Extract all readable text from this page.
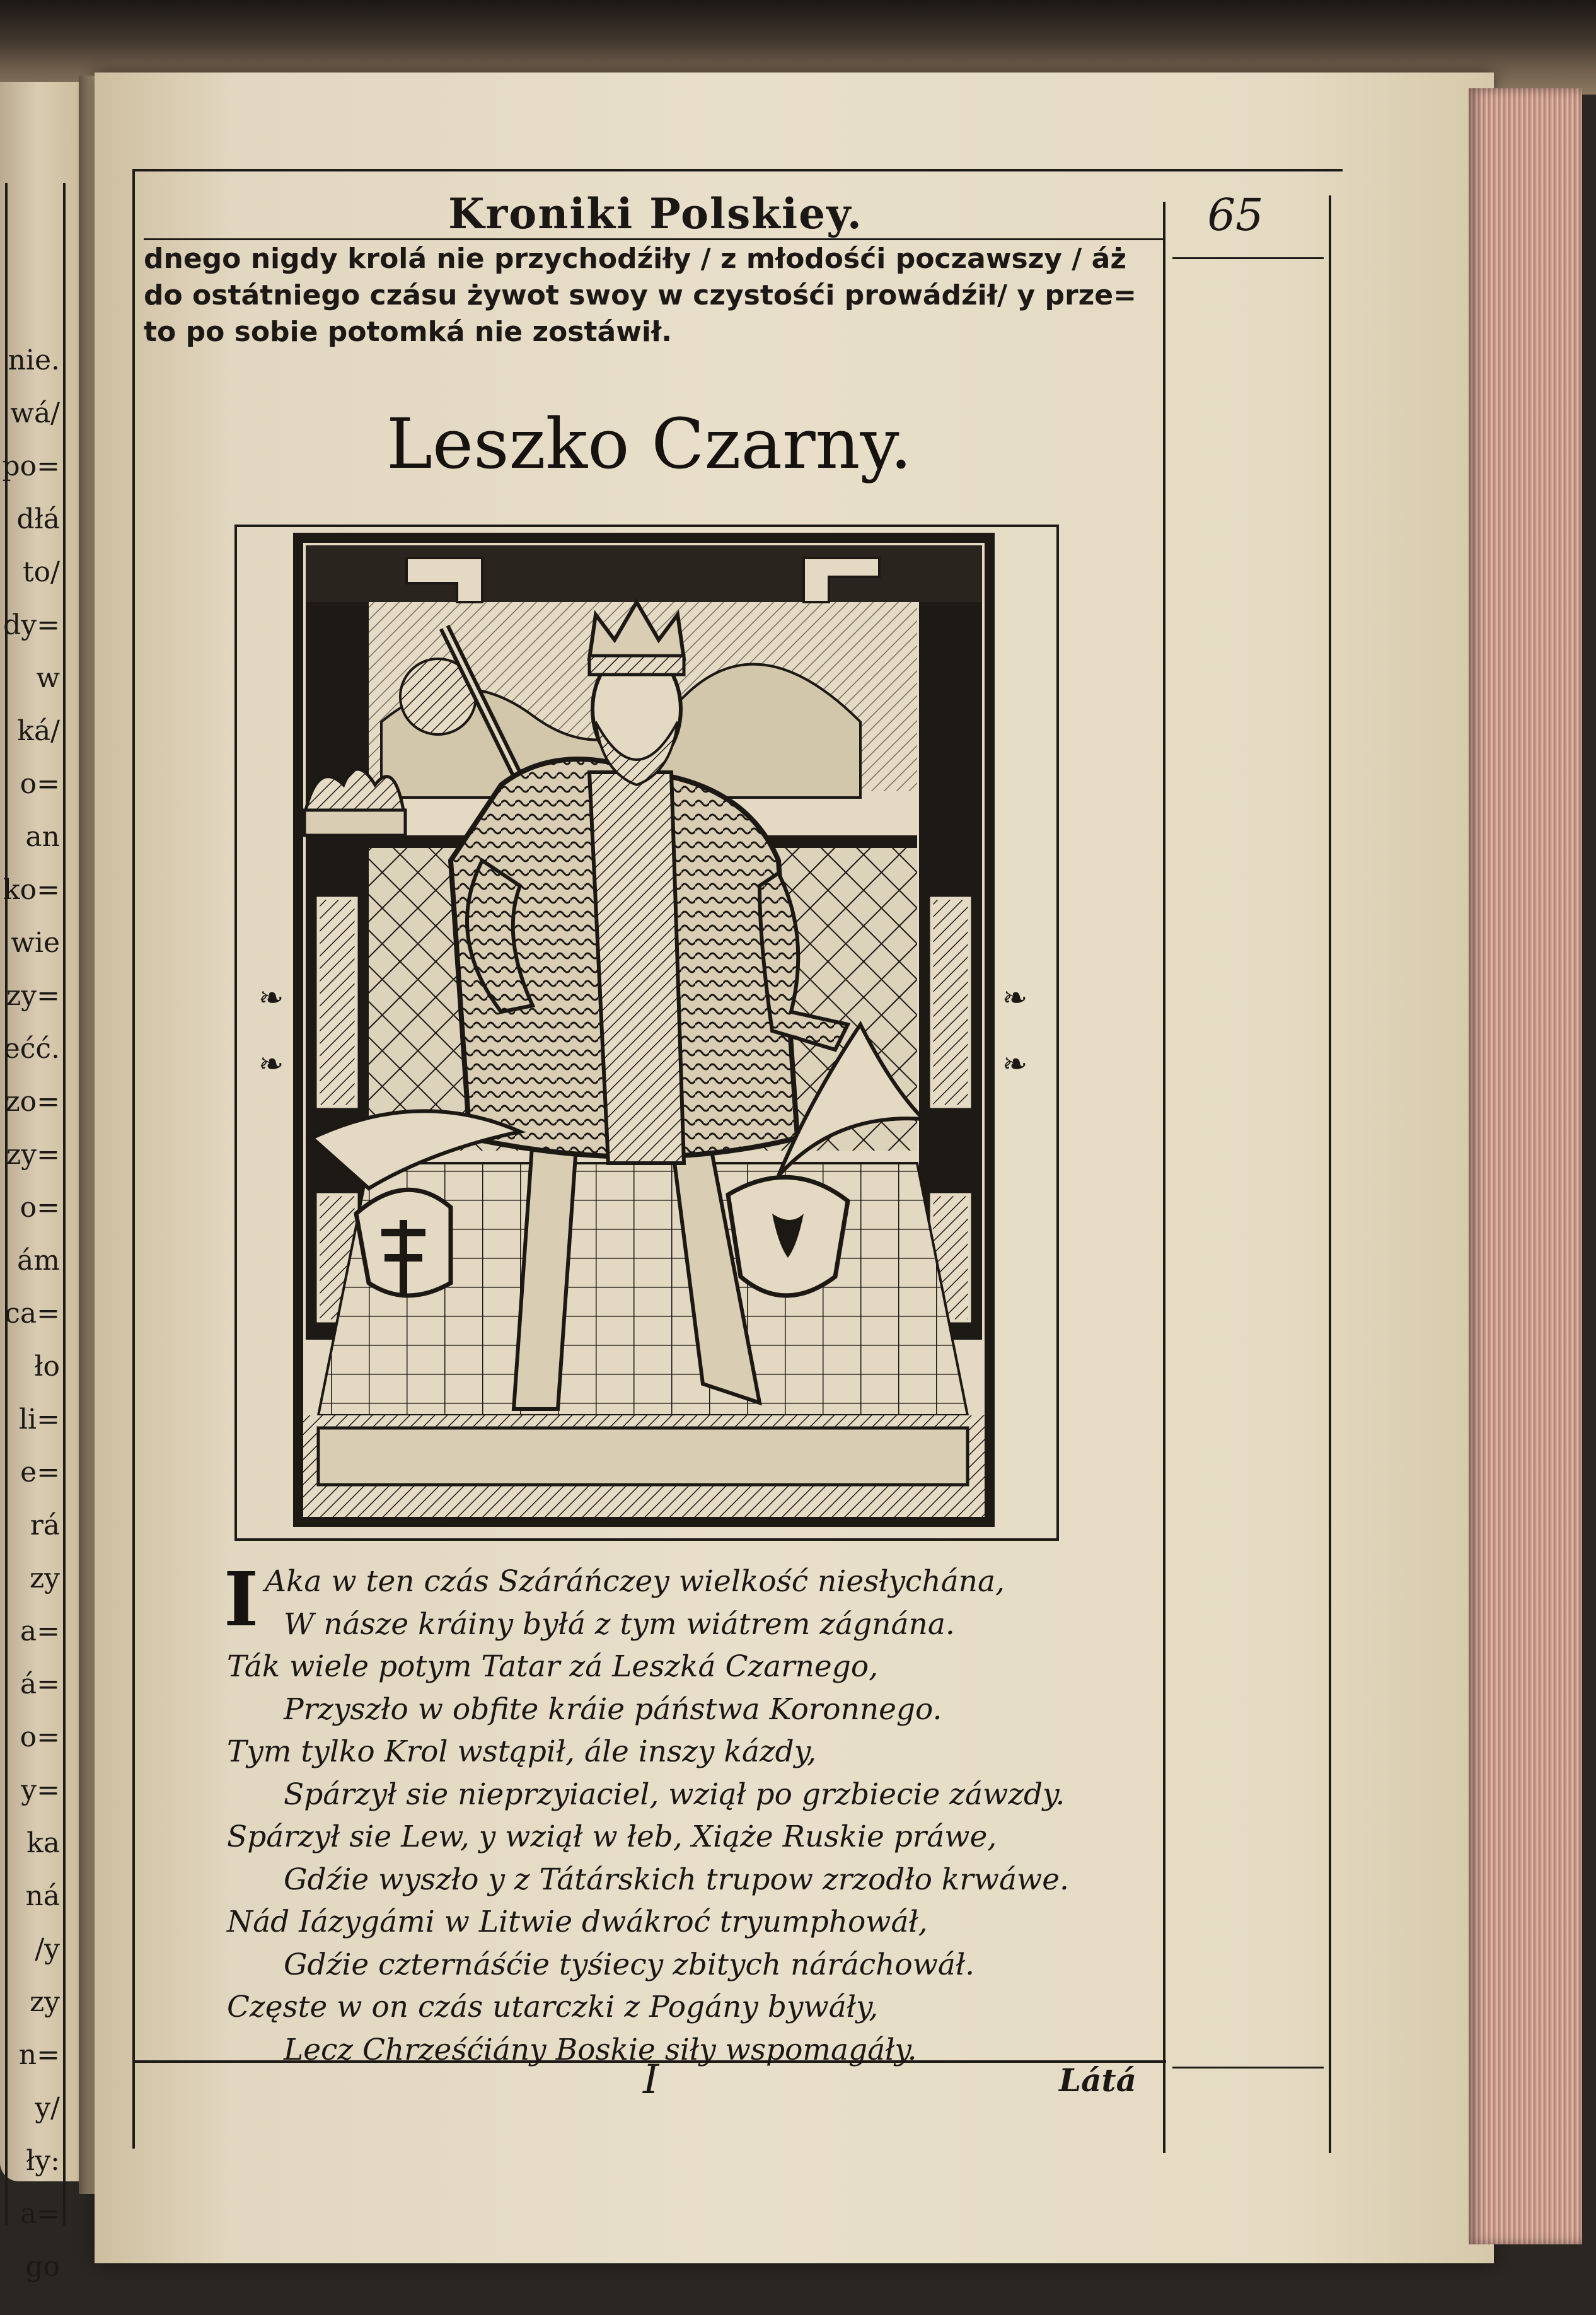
nie.
wá/
po=
dłá
to/
dy=
w
ká/
o=
an
ko=
wie
zy=
ećć.
zo=
zy=
o=
ám
ca=
ło
li=
e=
rá
zy
a=
á=
o=
y=
ka
ná
/y
zy
n=
y/
ły:
a=
go
Kroniki Polskiey.	65
dnego nigdy krolá nie przychodźiły / z młodośći poczawszy / áż
do ostátniego czásu żywot swoy w czystośći prowádźił/ y prze=
to po sobie potomká nie zostáwił.
Leszko Czarny.
❧
❧
❧
❧
I Aka w ten czás Száráńczey wielkość niesłychána,
W násze kráiny byłá z tym wiátrem zágnána.
Ták wiele potym Tatar zá Leszká Czarnego,
Przyszło w obfite kráie páństwa Koronnego.
Tym tylko Krol wstąpił, ále inszy kázdy,
Spárzył sie nieprzyiaciel, wziął po grzbiecie záwzdy.
Spárzył sie Lew, y wziął w łeb, Xiąże Ruskie práwe,
Gdźie wyszło y z Tátárskich trupow zrzodło krwáwe.
Nád Iázygámi w Litwie dwákroć tryumphowáł,
Gdźie czternáśćie tyśiecy zbitych náráchowáł.
Częste w on czás utarczki z Pogány bywáły,
Lecz Chrześćiány Boskie siły wspomagáły.
I	Látá
